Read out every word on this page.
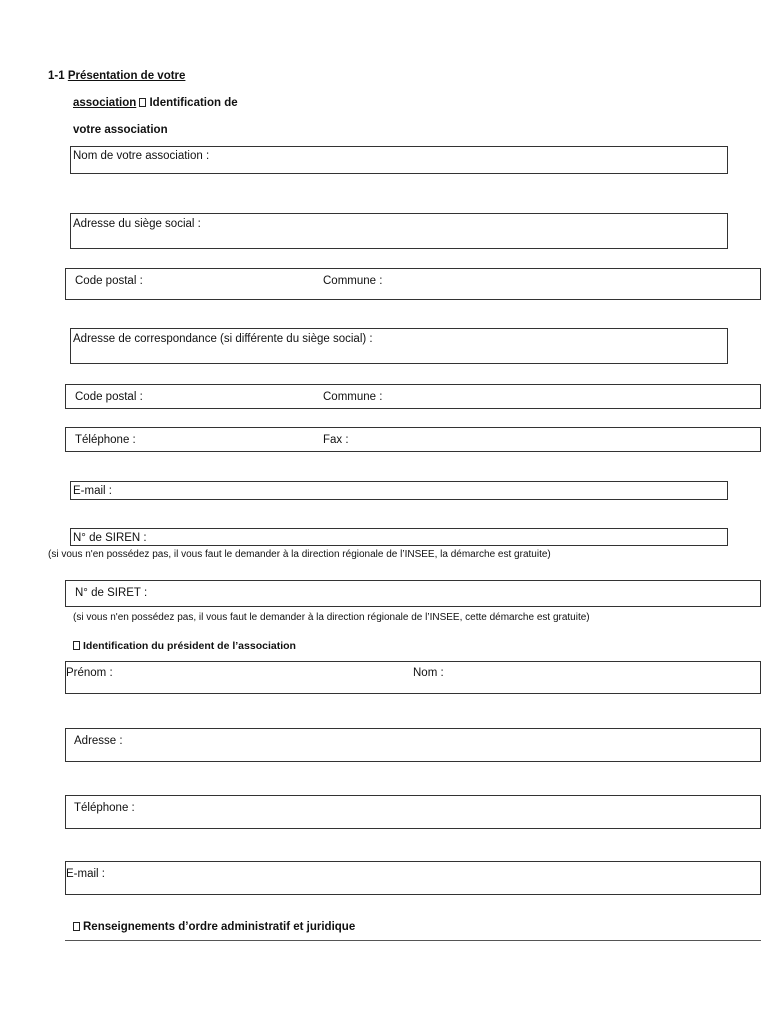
1-1 Présentation de votre
association Identification de
votre association
Nom de votre association :
Adresse du siège social :
Code postal :	Commune :
Adresse de correspondance (si différente du siège social) :
Code postal :	Commune :
Téléphone :	Fax :
E-mail :
N° de SIREN :
(si vous n'en possédez pas, il vous faut le demander à la direction régionale de l’INSEE, la démarche est gratuite)
N° de SIRET :
(si vous n'en possédez pas, il vous faut le demander à la direction régionale de l’INSEE, cette démarche est gratuite)
Identification du président de l’association
Prénom :	Nom :
Adresse :
Téléphone :
E-mail :
Renseignements d’ordre administratif et juridique
